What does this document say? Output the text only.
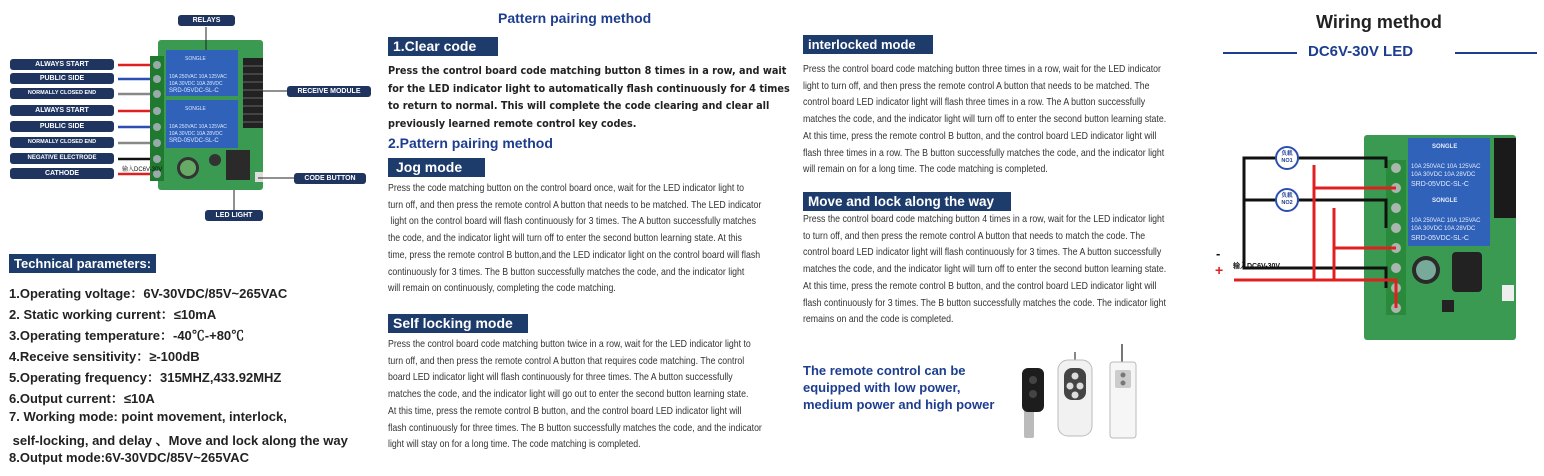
SONGLE
10A 250VAC 10A 125VAC
10A 30VDC 10A 28VDC
SRD-05VDC-SL-C
SONGLE
10A 250VAC 10A 125VAC
10A 30VDC 10A 28VDC
SRD-05VDC-SL-C
RELAYS
RECEIVE MODULE
CODE BUTTON
LED LIGHT
输入DC6V-30V
ALWAYS START
PUBLIC SIDE
NORMALLY CLOSED END
ALWAYS START
PUBLIC SIDE
NORMALLY CLOSED END
NEGATIVE ELECTRODE
CATHODE
Technical parameters:
1.Operating voltage：6V-30VDC/85V~265VAC
2. Static working current：≤10mA
3.Operating temperature：-40℃-+80℃
4.Receive sensitivity：≥-100dB
5.Operating frequency：315MHZ,433.92MHZ
6.Output current：≤10A
7. Working mode: point movement, interlock,
self-locking, and delay 、Move and lock along the way
8.Output mode:6V-30VDC/85V~265VAC
Pattern pairing method
1.Clear code
Press the control board code matching button 8 times in a row, and wait
for the LED indicator light to automatically flash continuously for 4 times
to return to normal. This will complete the code clearing and clear all
previously learned remote control key codes.
2.Pattern pairing method
Jog mode
Press the code matching button on the control board once, wait for the LED indicator light to
turn off, and then press the remote control A button that needs to be matched. The LED indicator
light on the control board will flash continuously for 3 times. The A button successfully matches
the code, and the indicator light will turn off to enter the second button learning state. At this
time, press the remote control B button,and the LED indicator light on the control board will flash
continuously for 3 times. The B button successfully matches the code, and the indicator light
will remain on continuously, completing the code matching.
Self locking mode
Press the control board code matching button twice in a row, wait for the LED indicator light to
turn off, and then press the remote control A button that requires code matching. The control
board LED indicator light will flash continuously for three times. The A button successfully
matches the code, and the indicator light will go out to enter the second button learning state.
At this time, press the remote control B button, and the control board LED indicator light will
flash continuously for three times. The B button successfully matches the code, and the indicator
light will stay on for a long time. The code matching is completed.
interlocked mode
Press the control board code matching button three times in a row, wait for the LED indicator
light to turn off, and then press the remote control A button that needs to be matched. The
control board LED indicator light will flash three times in a row. The A button successfully
matches the code, and the indicator light will turn off to enter the second button learning state.
At this time, press the remote control B button, and the control board LED indicator light will
flash three times in a row. The B button successfully matches the code, and the indicator light
will remain on for a long time. The code matching is completed.
Move and lock along the way
Press the control board code matching button 4 times in a row, wait for the LED indicator light
to turn off, and then press the remote control A button that needs to match the code. The
control board LED indicator light will flash continuously for 3 times. The A button successfully
matches the code, and the indicator light will turn off to enter the second button learning state.
At this time, press the remote control B button, and the control board LED indicator light will
flash continuously for 3 times. The B button successfully matches the code. The indicator light
remains on and the code is completed.
The remote control can be
equipped with low power,
medium power and high power
Wiring method
DC6V-30V LED
SONGLE
10A 250VAC 10A 125VAC
10A 30VDC 10A 28VDC
SRD-05VDC-SL-C
SONGLE
10A 250VAC 10A 125VAC
10A 30VDC 10A 28VDC
SRD-05VDC-SL-C
负载
NO1
负载
NO2
输入DC6V-30V
-
+
